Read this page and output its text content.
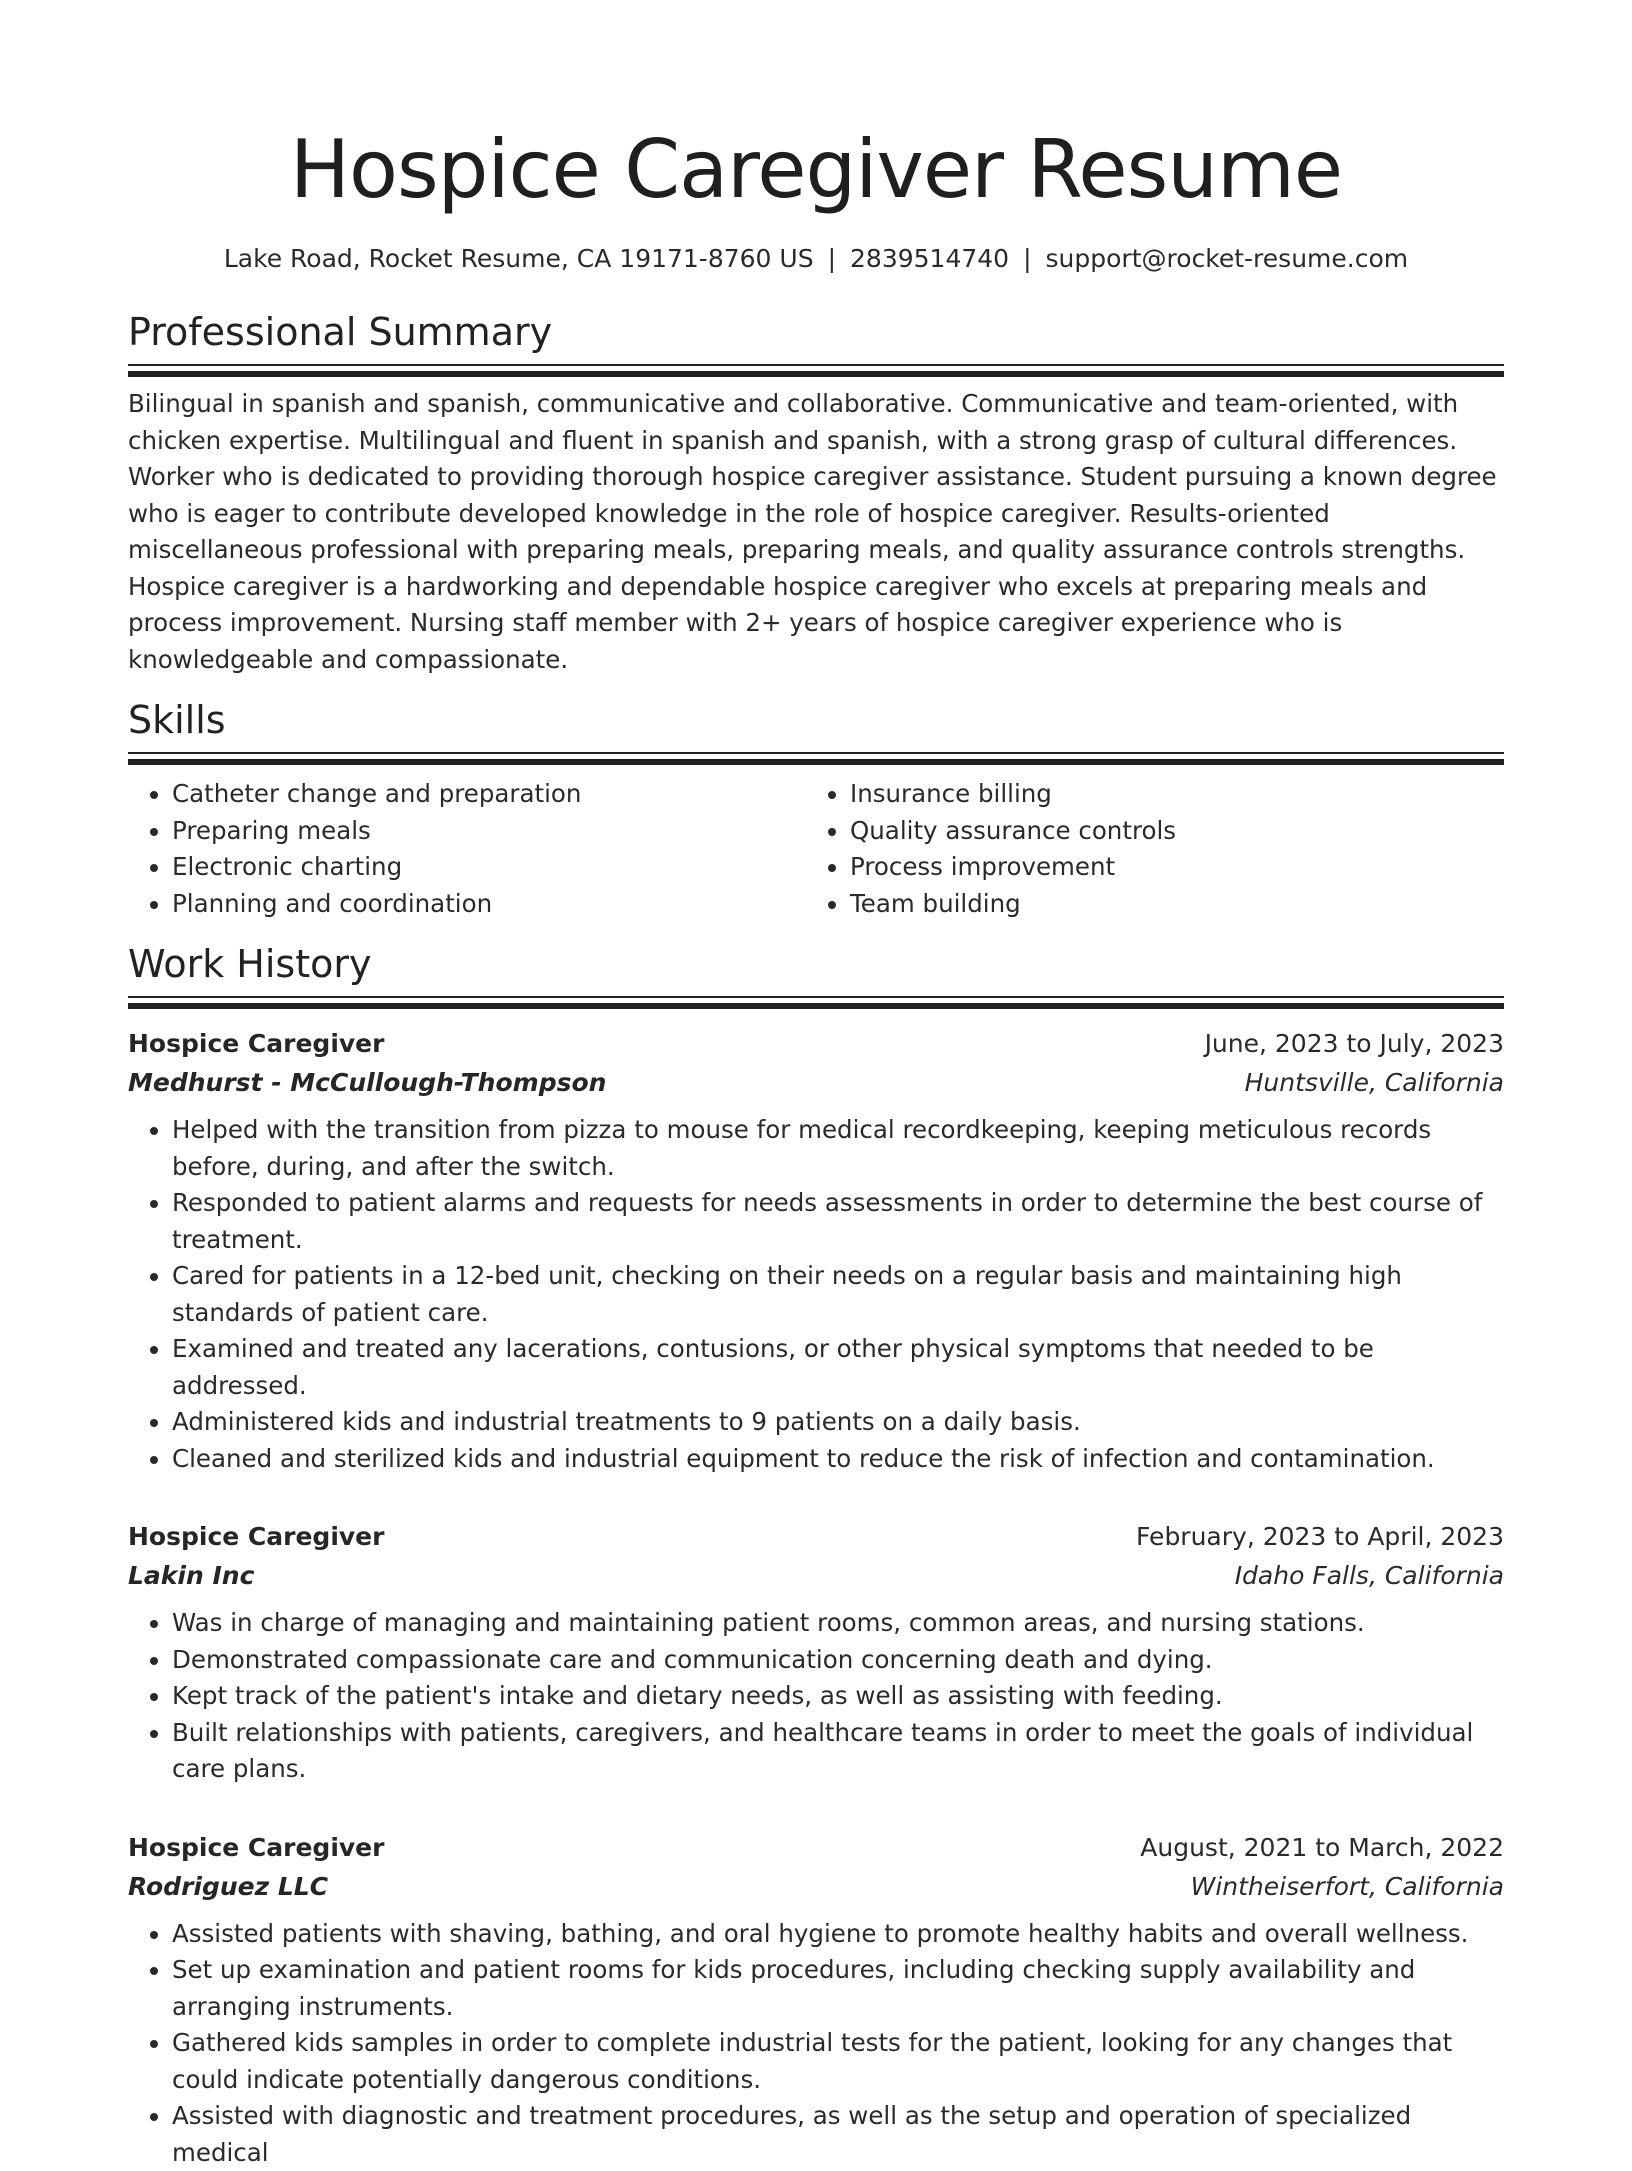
Hospice Caregiver Resume
Lake Road, Rocket Resume, CA 19171-8760 US | 2839514740 | support@rocket-resume.com
Professional Summary

Bilingual in spanish and spanish, communicative and collaborative. Communicative and team-oriented, with chicken expertise. Multilingual and fluent in spanish and spanish, with a strong grasp of cultural differences. Worker who is dedicated to providing thorough hospice caregiver assistance. Student pursuing a known degree who is eager to contribute developed knowledge in the role of hospice caregiver. Results-oriented miscellaneous professional with preparing meals, preparing meals, and quality assurance controls strengths. Hospice caregiver is a hardworking and dependable hospice caregiver who excels at preparing meals and process improvement. Nursing staff member with 2+ years of hospice caregiver experience who is knowledgeable and compassionate.

Skills
• Catheter change and preparation
• Preparing meals
• Electronic charting
• Planning and coordination
• Insurance billing
• Quality assurance controls
• Process improvement
• Team building
Work History
Hospice Caregiver	June, 2023 to July, 2023
Medhurst - McCullough-Thompson	Huntsville, California
• Helped with the transition from pizza to mouse for medical recordkeeping, keeping meticulous records before, during, and after the switch.
• Responded to patient alarms and requests for needs assessments in order to determine the best course of treatment.
• Cared for patients in a 12-bed unit, checking on their needs on a regular basis and maintaining high standards of patient care.
• Examined and treated any lacerations, contusions, or other physical symptoms that needed to be addressed.
• Administered kids and industrial treatments to 9 patients on a daily basis.
• Cleaned and sterilized kids and industrial equipment to reduce the risk of infection and contamination.
Hospice Caregiver	February, 2023 to April, 2023
Lakin Inc	Idaho Falls, California
• Was in charge of managing and maintaining patient rooms, common areas, and nursing stations.
• Demonstrated compassionate care and communication concerning death and dying.
• Kept track of the patient's intake and dietary needs, as well as assisting with feeding.
• Built relationships with patients, caregivers, and healthcare teams in order to meet the goals of individual care plans.
Hospice Caregiver	August, 2021 to March, 2022
Rodriguez LLC	Wintheiserfort, California
• Assisted patients with shaving, bathing, and oral hygiene to promote healthy habits and overall wellness.
• Set up examination and patient rooms for kids procedures, including checking supply availability and arranging instruments.
• Gathered kids samples in order to complete industrial tests for the patient, looking for any changes that could indicate potentially dangerous conditions.
• Assisted with diagnostic and treatment procedures, as well as the setup and operation of specialized medical
